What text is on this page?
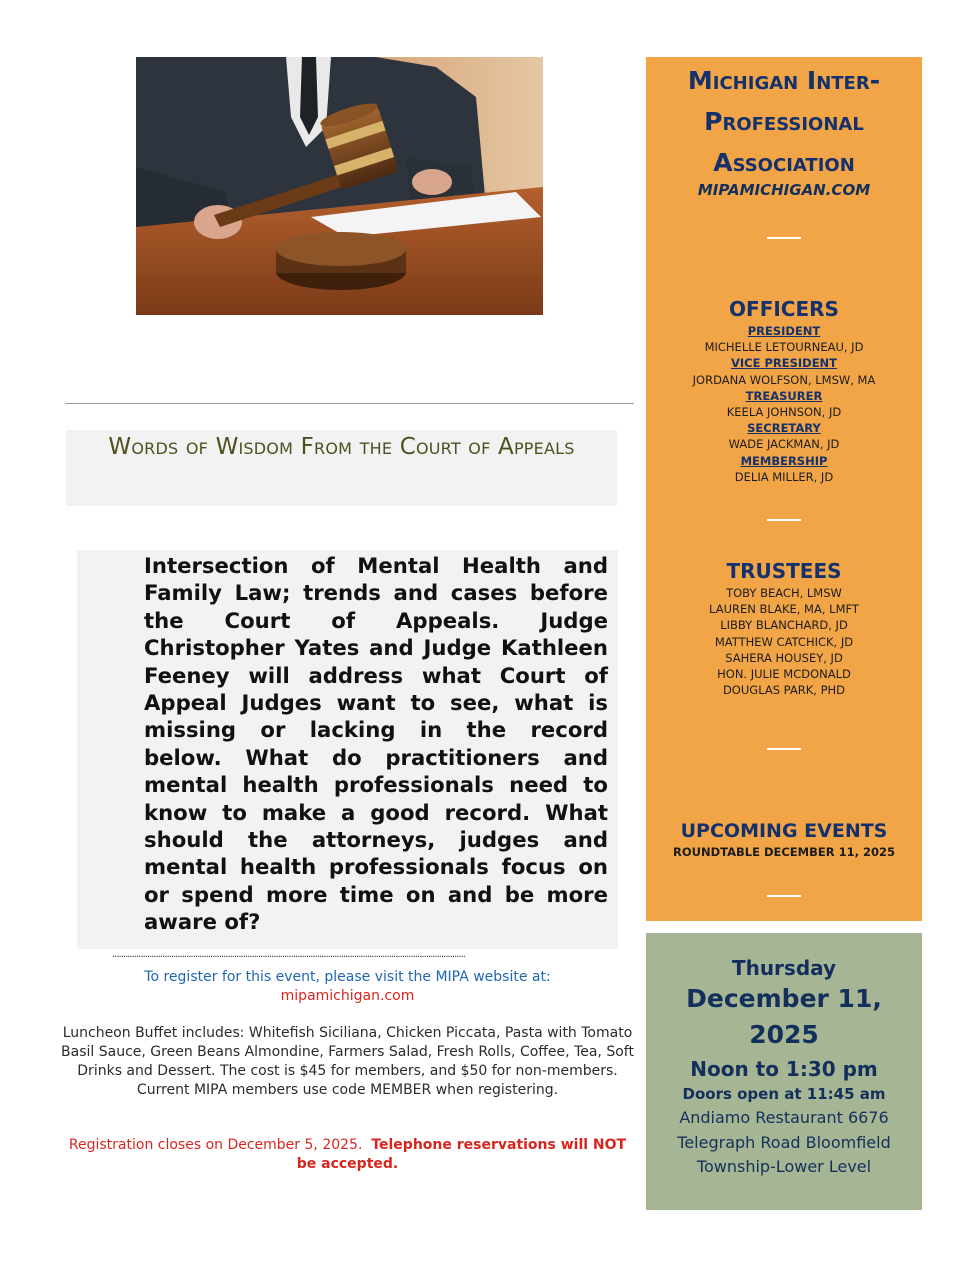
Words of Wisdom From the Court of Appeals

Intersection of Mental Health and Family Law; trends and cases before the Court of Appeals. Judge Christopher Yates and Judge Kathleen Feeney will address what Court of Appeal Judges want to see, what is missing or lacking in the record below. What do practitioners and mental health professionals need to know to make a good record. What should the attorneys, judges and mental health professionals focus on or spend more time on and be more aware of?

..................................................................................................................................................................
To register for this event, please visit the MIPA website at:
mipamichigan.com
Luncheon Buffet includes: Whitefish Siciliana, Chicken Piccata, Pasta with Tomato Basil Sauce, Green Beans Almondine, Farmers Salad, Fresh Rolls, Coffee, Tea, Soft Drinks and Dessert. The cost is $45 for members, and $50 for non-members. Current MIPA members use code MEMBER when registering.
Registration closes on December 5, 2025. Telephone reservations will NOT be accepted.
Michigan Inter-
Professional
Association
MIPAMICHIGAN.COM
OFFICERS
PRESIDENT
MICHELLE LETOURNEAU, JD
VICE PRESIDENT
JORDANA WOLFSON, LMSW, MA
TREASURER
KEELA JOHNSON, JD
SECRETARY
WADE JACKMAN, JD
MEMBERSHIP
DELIA MILLER, JD
TRUSTEES
TOBY BEACH, LMSW
LAUREN BLAKE, MA, LMFT
LIBBY BLANCHARD, JD
MATTHEW CATCHICK, JD
SAHERA HOUSEY, JD
HON. JULIE MCDONALD
DOUGLAS PARK, PHD
UPCOMING EVENTS
ROUNDTABLE DECEMBER 11, 2025
Thursday
December 11,
2025
Noon to 1:30 pm
Doors open at 11:45 am
Andiamo Restaurant 6676
Telegraph Road Bloomfield
Township-Lower Level
